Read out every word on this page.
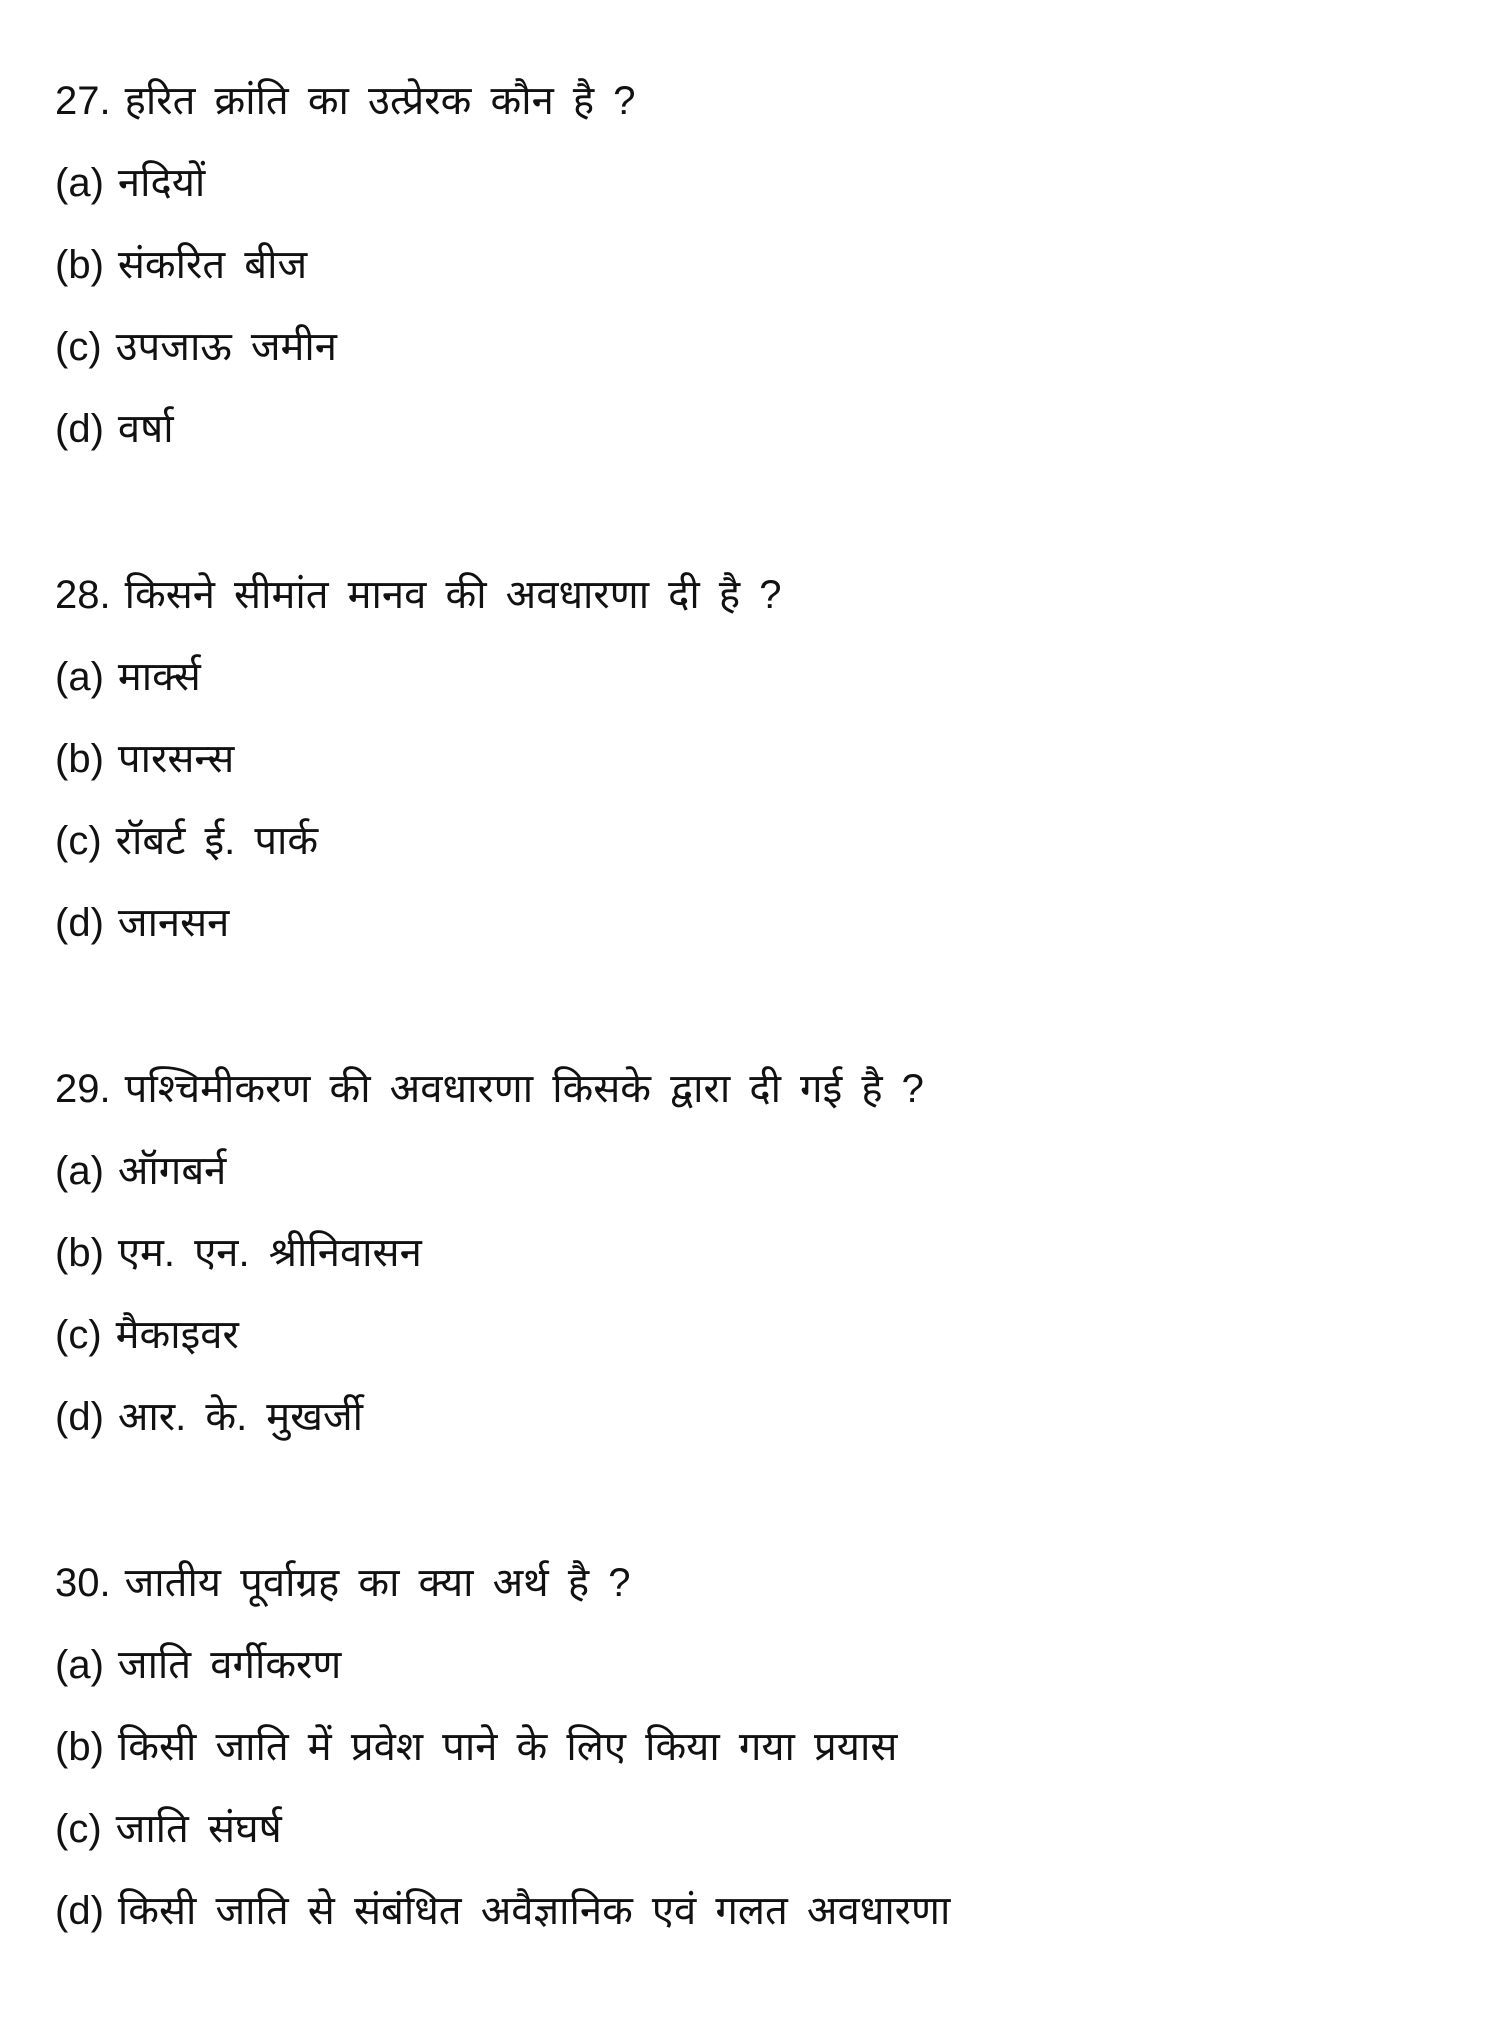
27. हरित क्रांति का उत्प्रेरक कौन है ?
(a) नदियों
(b) संकरित बीज
(c) उपजाऊ जमीन
(d) वर्षा
28. किसने सीमांत मानव की अवधारणा दी है ?
(a) मार्क्स
(b) पारसन्स
(c) रॉबर्ट ई. पार्क
(d) जानसन
29. पश्चिमीकरण की अवधारणा किसके द्वारा दी गई है ?
(a) ऑगबर्न
(b) एम. एन. श्रीनिवासन
(c) मैकाइवर
(d) आर. के. मुखर्जी
30. जातीय पूर्वाग्रह का क्या अर्थ है ?
(a) जाति वर्गीकरण
(b) किसी जाति में प्रवेश पाने के लिए किया गया प्रयास
(c) जाति संघर्ष
(d) किसी जाति से संबंधित अवैज्ञानिक एवं गलत अवधारणा
